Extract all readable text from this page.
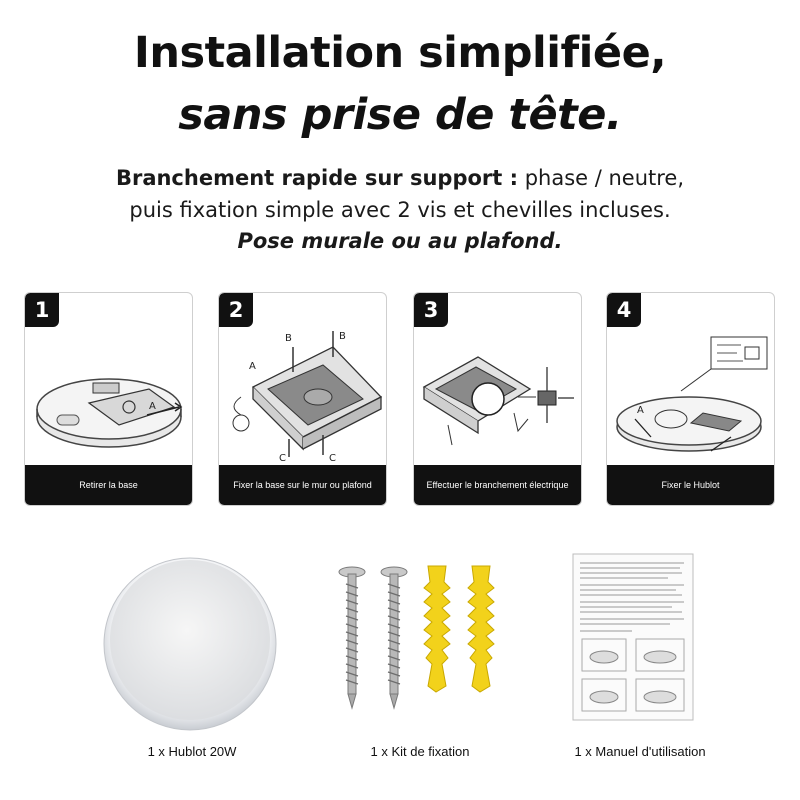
Installation simplifiée,
sans prise de tête.
Branchement rapide sur support : phase / neutre,
puis fixation simple avec 2 vis et chevilles incluses.
Pose murale ou au plafond.
1
A
Retirer la base
2
B	B
C	C
A
Fixer la base sur le mur ou plafond
3
Effectuer le branchement électrique
4
A
Fixer le Hublot
1 x Hublot 20W	1 x Kit de fixation	1 x Manuel d'utilisation
